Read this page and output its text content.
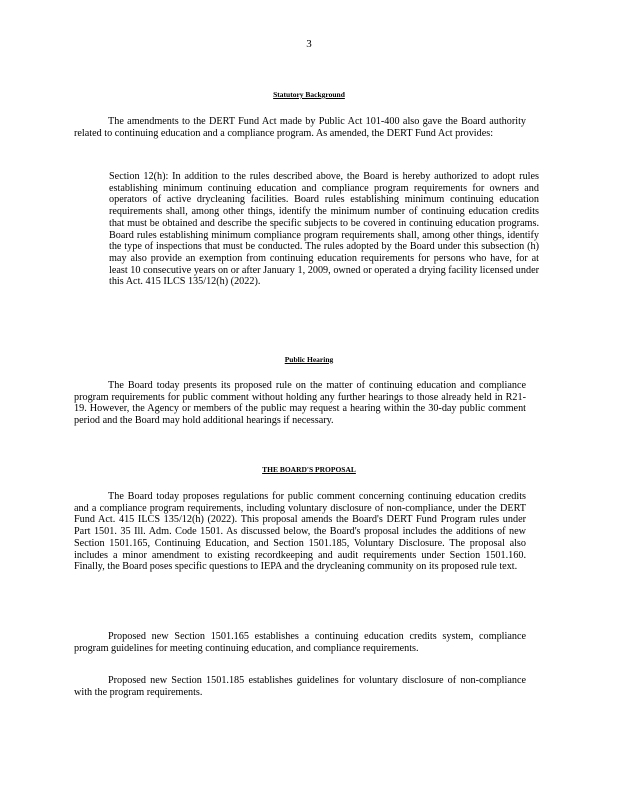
3
Statutory Background

The amendments to the DERT Fund Act made by Public Act 101-400 also gave the Board authority related to continuing education and a compliance program. As amended, the DERT Fund Act provides:

Section 12(h): In addition to the rules described above, the Board is hereby authorized to adopt rules establishing minimum continuing education and compliance program requirements for owners and operators of active drycleaning facilities. Board rules establishing minimum continuing education requirements shall, among other things, identify the minimum number of continuing education credits that must be obtained and describe the specific subjects to be covered in continuing education programs. Board rules establishing minimum compliance program requirements shall, among other things, identify the type of inspections that must be conducted. The rules adopted by the Board under this subsection (h) may also provide an exemption from continuing education requirements for persons who have, for at least 10 consecutive years on or after January 1, 2009, owned or operated a drying facility licensed under this Act. 415 ILCS 135/12(h) (2022).

Public Hearing

The Board today presents its proposed rule on the matter of continuing education and compliance program requirements for public comment without holding any further hearings to those already held in R21-19. However, the Agency or members of the public may request a hearing within the 30-day public comment period and the Board may hold additional hearings if necessary.

THE BOARD'S PROPOSAL

The Board today proposes regulations for public comment concerning continuing education credits and a compliance program requirements, including voluntary disclosure of non-compliance, under the DERT Fund Act. 415 ILCS 135/12(h) (2022). This proposal amends the Board's DERT Fund Program rules under Part 1501. 35 Ill. Adm. Code 1501. As discussed below, the Board's proposal includes the additions of new Section 1501.165, Continuing Education, and Section 1501.185, Voluntary Disclosure. The proposal also includes a minor amendment to existing recordkeeping and audit requirements under Section 1501.160. Finally, the Board poses specific questions to IEPA and the drycleaning community on its proposed rule text.

Proposed new Section 1501.165 establishes a continuing education credits system, compliance program guidelines for meeting continuing education, and compliance requirements.

Proposed new Section 1501.185 establishes guidelines for voluntary disclosure of non-compliance with the program requirements.
